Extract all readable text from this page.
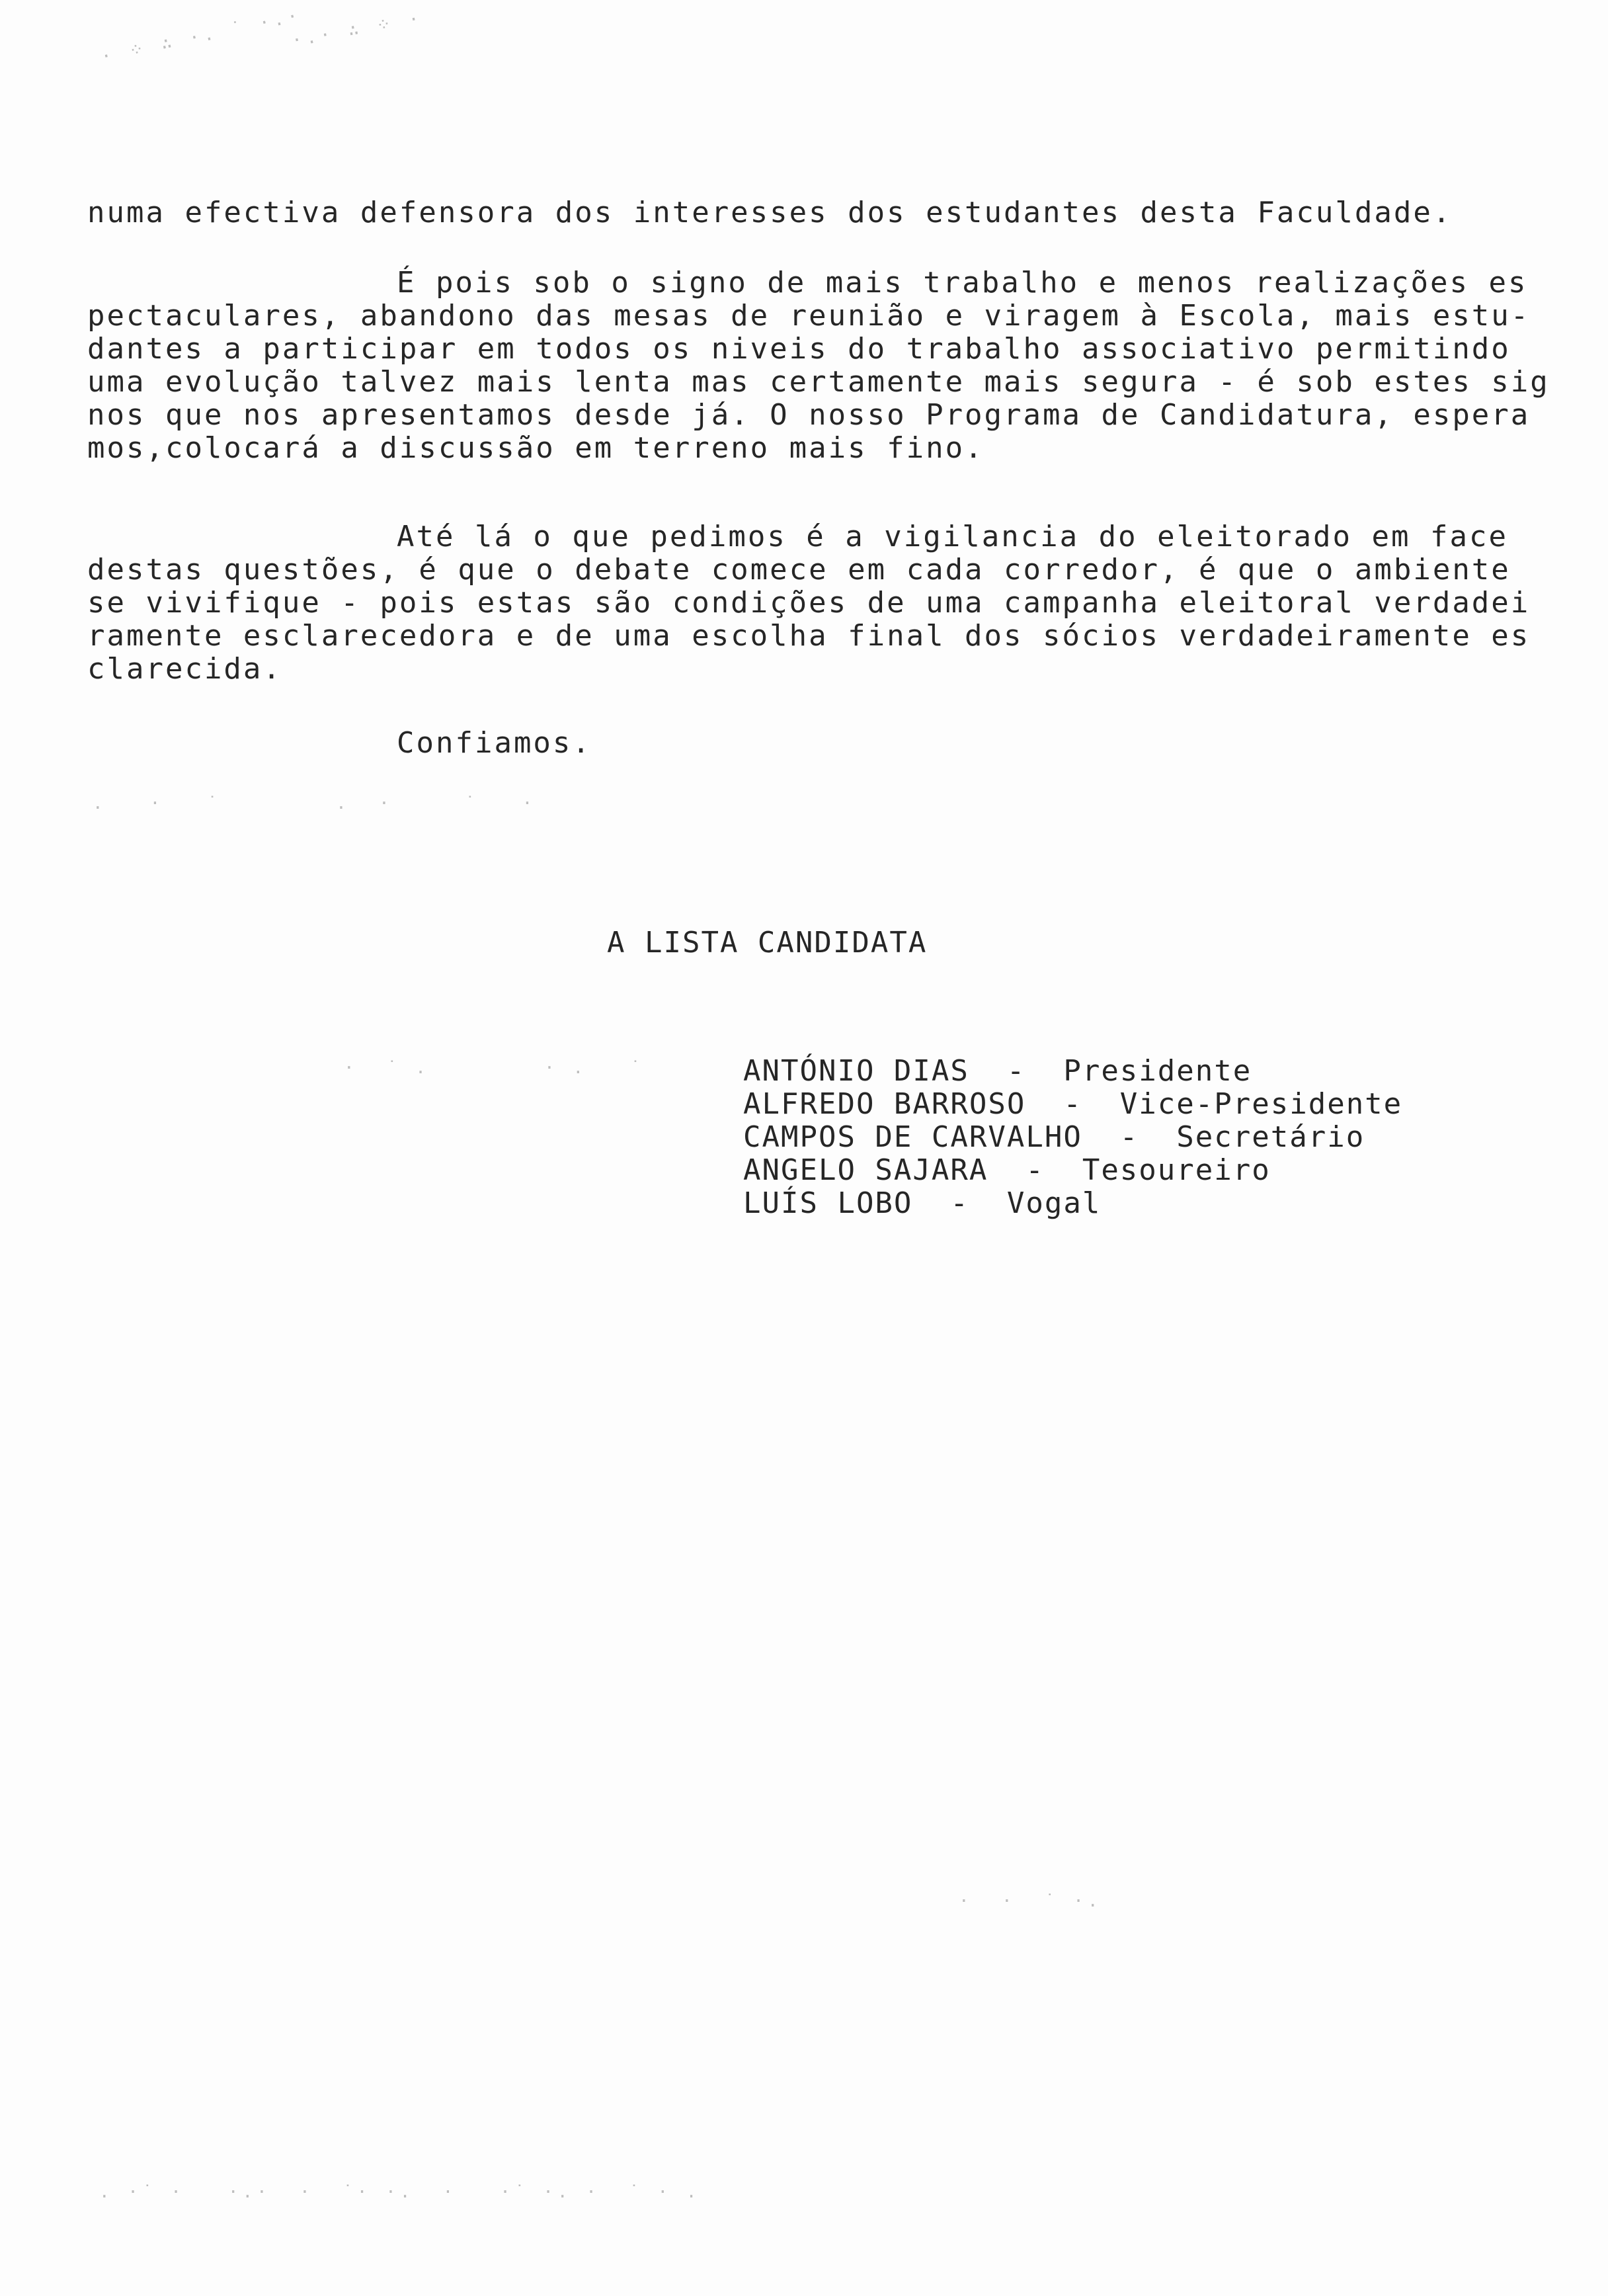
· ⁘ ∴ ·. ˙ ·.·
·.· ∴ ⁘ ·
.   ·   ˙        .  ·     ˙   ·
·  ˙ .        · .   ˙
·  ·  ˙ ·.
. ·˙ ·   ·.·  ·  ˙· ·.  ·   ·˙ ·. ·  ˙ · .
numa efectiva defensora dos interesses dos estudantes desta Faculdade.
É pois sob o signo de mais trabalho e menos realizações es
pectaculares, abandono das mesas de reunião e viragem à Escola, mais estu-
dantes a participar em todos os niveis do trabalho associativo permitindo
uma evolução talvez mais lenta mas certamente mais segura - é sob estes sig
nos que nos apresentamos desde já. O nosso Programa de Candidatura, espera
mos,colocará a discussão em terreno mais fino.
Até lá o que pedimos é a vigilancia do eleitorado em face
destas questões, é que o debate comece em cada corredor, é que o ambiente
se vivifique - pois estas são condições de uma campanha eleitoral verdadei
ramente esclarecedora e de uma escolha final dos sócios verdadeiramente es
clarecida.
Confiamos.
A LISTA CANDIDATA
ANTÓNIO DIAS  -  Presidente
ALFREDO BARROSO  -  Vice-Presidente
CAMPOS DE CARVALHO  -  Secretário
ANGELO SAJARA  -  Tesoureiro
LUÍS LOBO  -  Vogal
